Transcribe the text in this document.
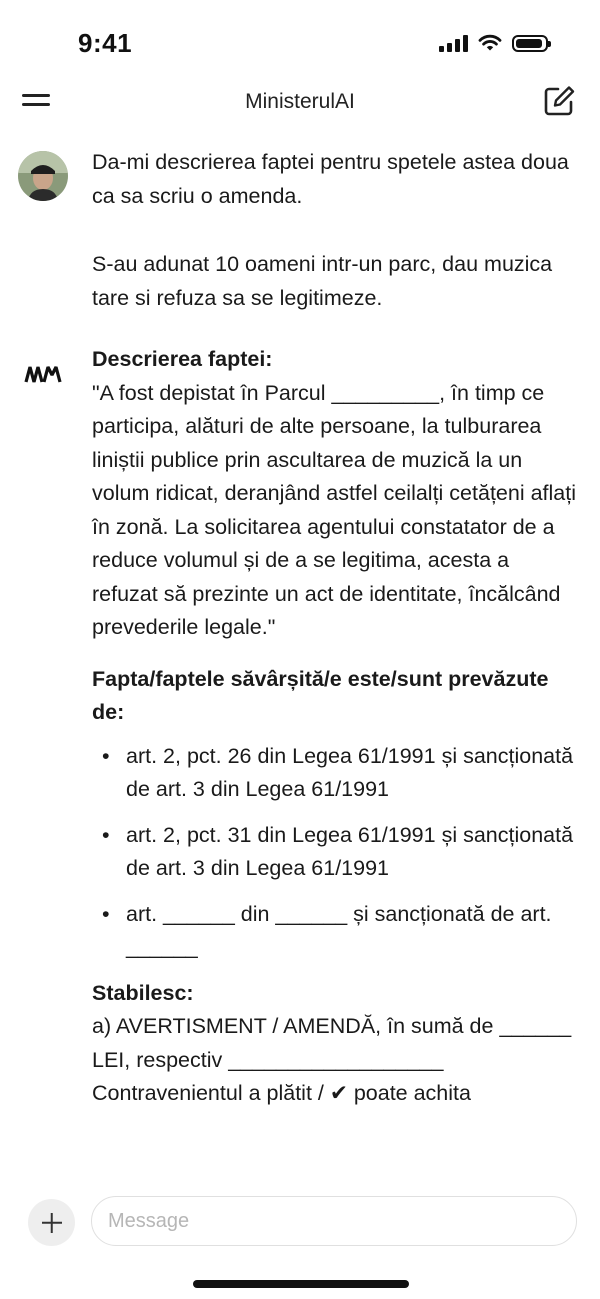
9:41
MinisterulAI

Da-mi descrierea faptei pentru spetele astea doua ca sa scriu o amenda.

S-au adunat 10 oameni intr-un parc, dau muzica tare si refuza sa se legitimeze.

Descrierea faptei:

"A fost depistat în Parcul _________, în timp ce participa, alături de alte persoane, la tulburarea liniștii publice prin ascultarea de muzică la un volum ridicat, deranjând astfel ceilalți cetățeni aflați în zonă. La solicitarea agentului constatator de a reduce volumul și de a se legitima, acesta a refuzat să prezinte un act de identitate, încălcând prevederile legale."

Fapta/faptele săvârșită/e este/sunt prevăzute de:

• art. 2, pct. 26 din Legea 61/1991 și sancționată de art. 3 din Legea 61/1991
• art. 2, pct. 31 din Legea 61/1991 și sancționată de art. 3 din Legea 61/1991
• art. ______ din ______ și sancționată de art. ______

Stabilesc:

a) AVERTISMENT / AMENDĂ, în sumă de ______ LEI, respectiv __________________

Contravenientul a plătit / ✔ poate achita

Message
